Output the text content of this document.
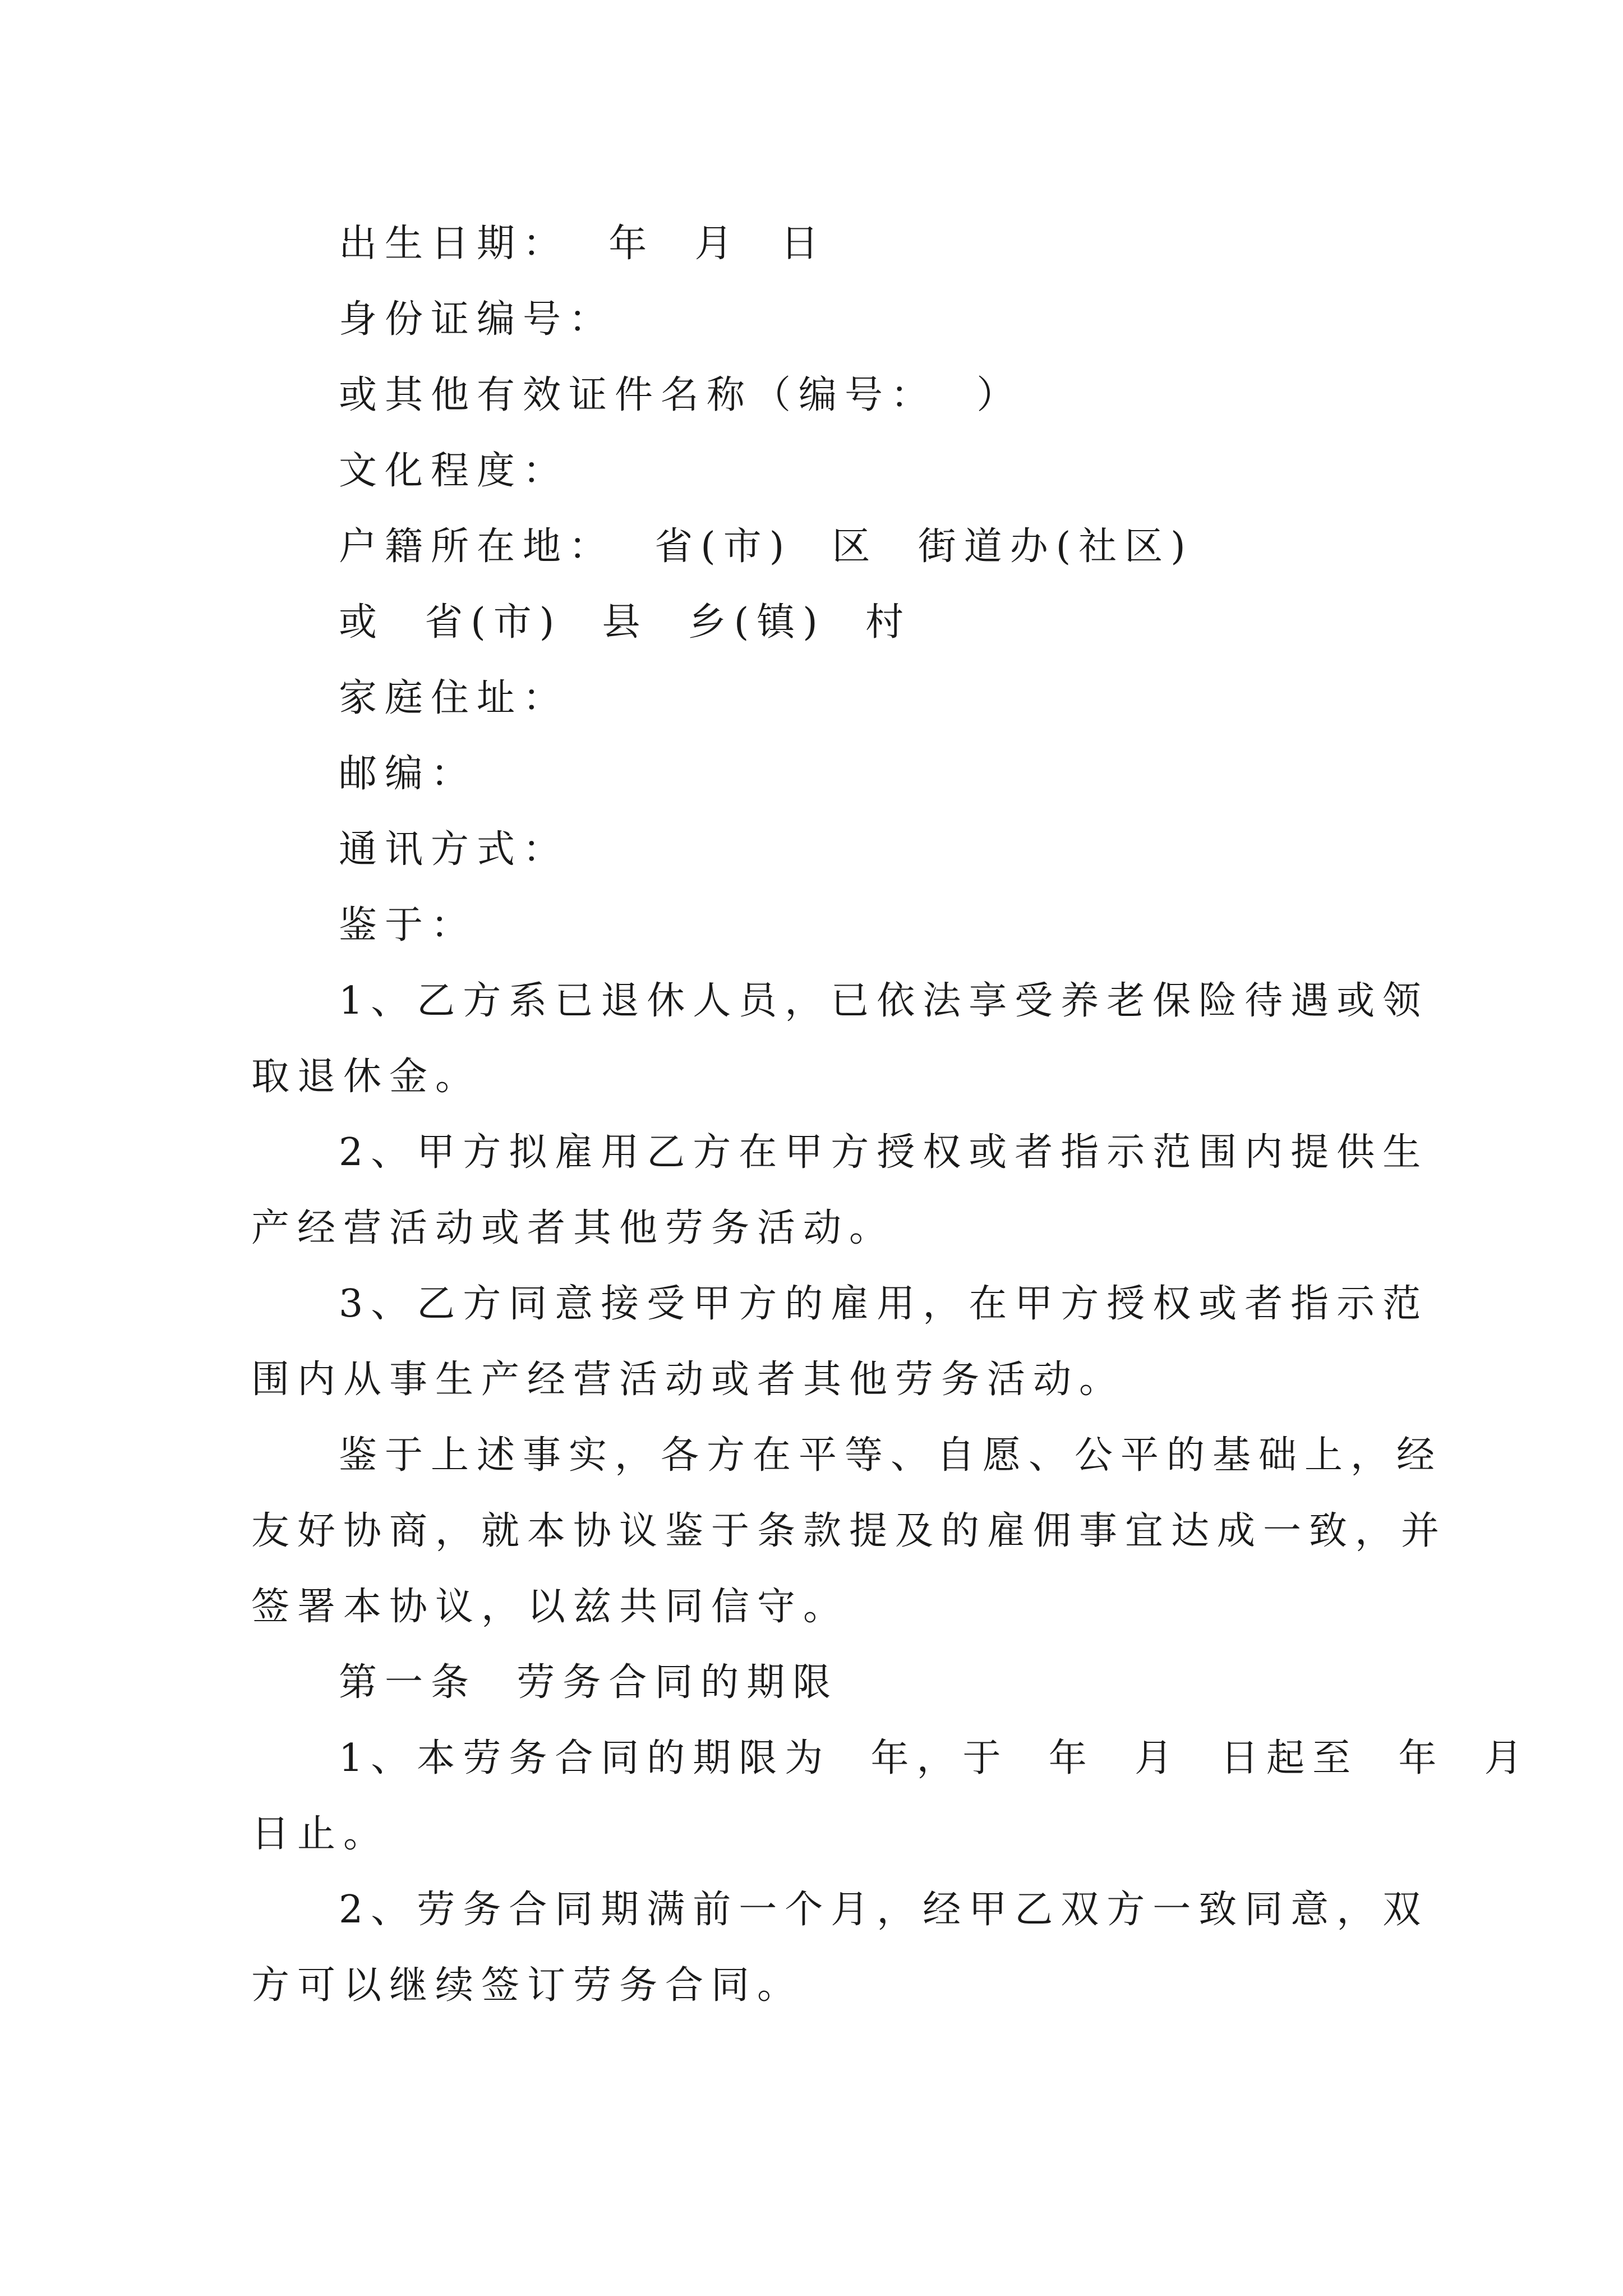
出生日期：  年  月  日
身份证编号：
或其他有效证件名称（编号：  ）
文化程度：
户籍所在地：  省(市)  区  街道办(社区)
或  省(市)  县  乡(镇)  村
家庭住址：
邮编：
通讯方式：
鉴于：
1、乙方系已退休人员，已依法享受养老保险待遇或领
取退休金。
2、甲方拟雇用乙方在甲方授权或者指示范围内提供生
产经营活动或者其他劳务活动。
3、乙方同意接受甲方的雇用，在甲方授权或者指示范
围内从事生产经营活动或者其他劳务活动。
鉴于上述事实，各方在平等、自愿、公平的基础上，经
友好协商，就本协议鉴于条款提及的雇佣事宜达成一致，并
签署本协议，以兹共同信守。
第一条  劳务合同的期限
1、本劳务合同的期限为  年，于  年  月  日起至  年  月
日止。
2、劳务合同期满前一个月，经甲乙双方一致同意，双
方可以继续签订劳务合同。
